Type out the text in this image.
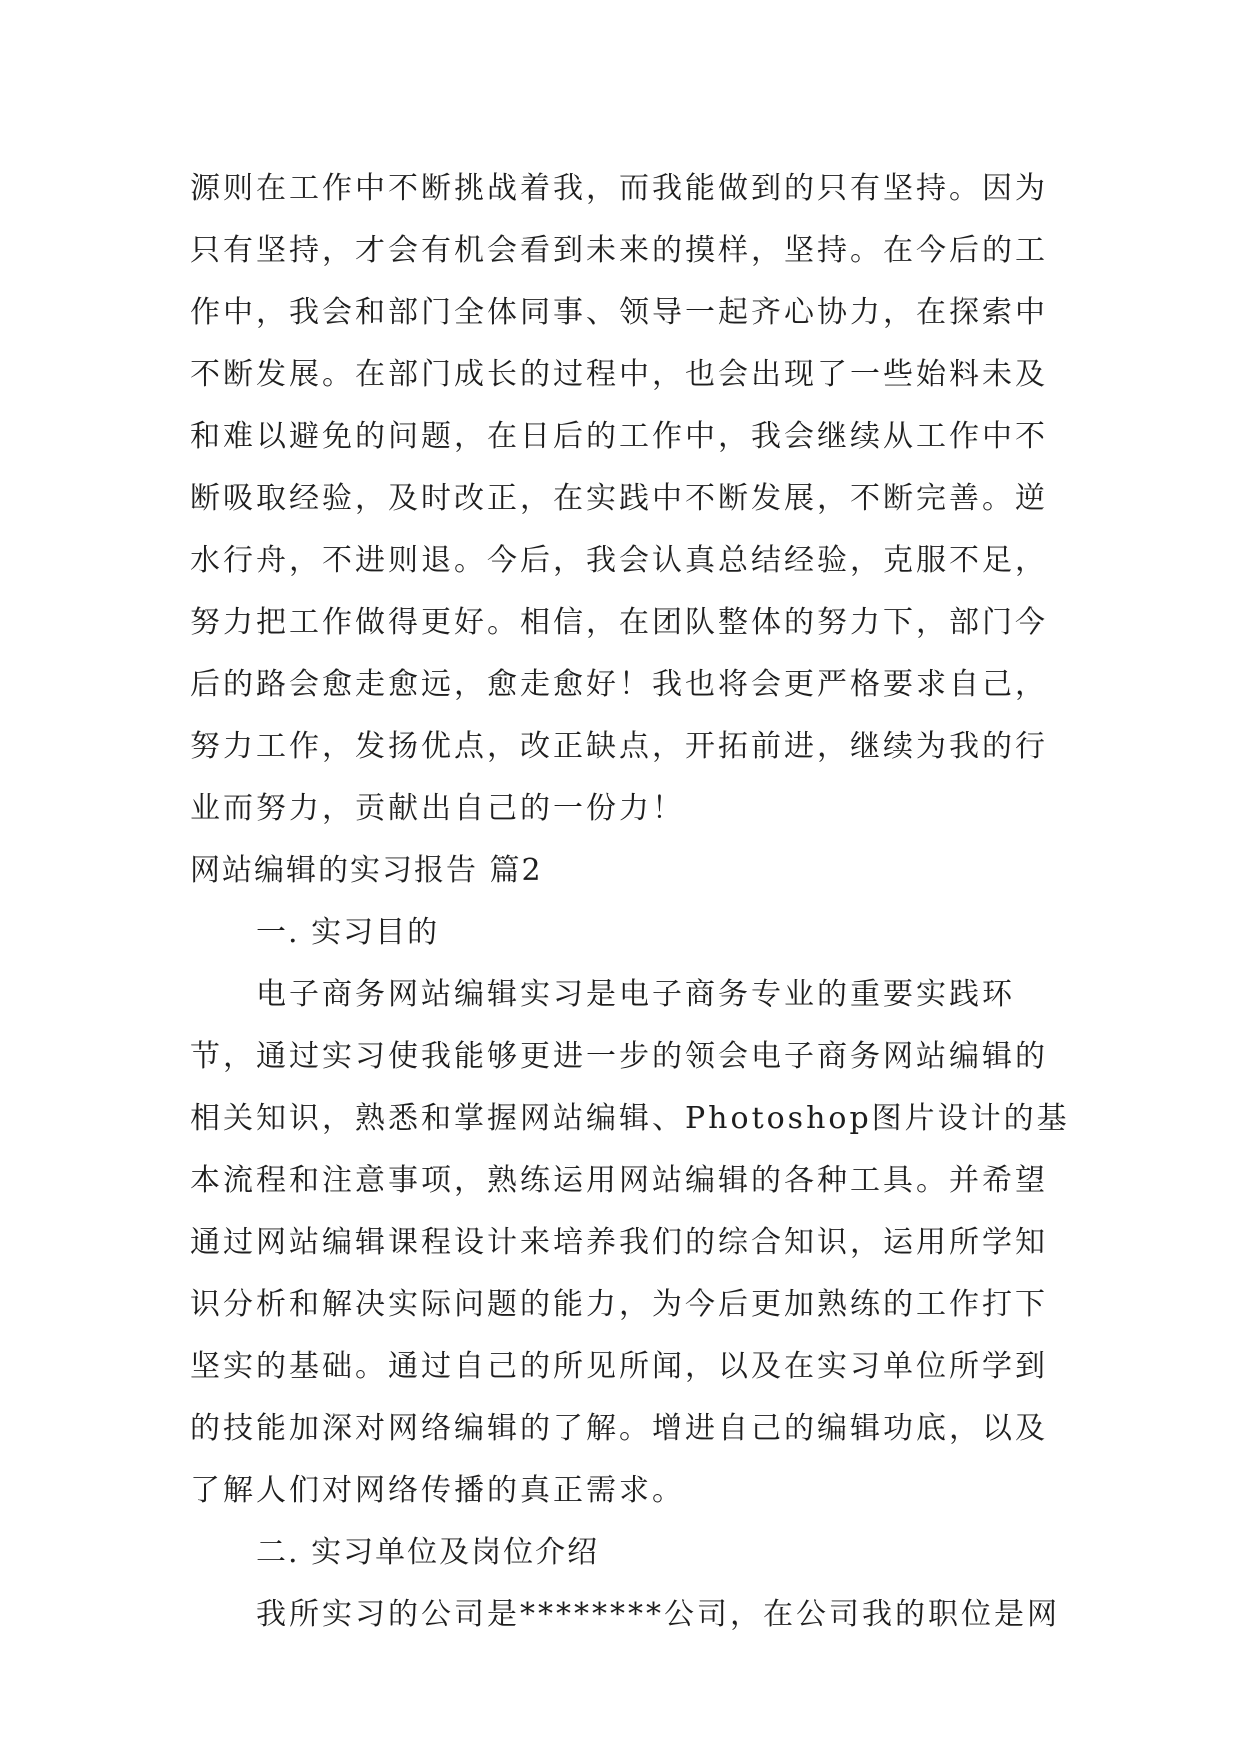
源则在工作中不断挑战着我，而我能做到的只有坚持。因为
只有坚持，才会有机会看到未来的摸样，坚持。在今后的工
作中，我会和部门全体同事、领导一起齐心协力，在探索中
不断发展。在部门成长的过程中，也会出现了一些始料未及
和难以避免的问题，在日后的工作中，我会继续从工作中不
断吸取经验，及时改正，在实践中不断发展，不断完善。逆
水行舟，不进则退。今后，我会认真总结经验，克服不足，
努力把工作做得更好。相信，在团队整体的努力下，部门今
后的路会愈走愈远，愈走愈好！我也将会更严格要求自己，
努力工作，发扬优点，改正缺点，开拓前进，继续为我的行
业而努力，贡献出自己的一份力！
网站编辑的实习报告 篇2
一. 实习目的
电子商务网站编辑实习是电子商务专业的重要实践环
节，通过实习使我能够更进一步的领会电子商务网站编辑的
相关知识，熟悉和掌握网站编辑、Photoshop图片设计的基
本流程和注意事项，熟练运用网站编辑的各种工具。并希望
通过网站编辑课程设计来培养我们的综合知识，运用所学知
识分析和解决实际问题的能力，为今后更加熟练的工作打下
坚实的基础。通过自己的所见所闻，以及在实习单位所学到
的技能加深对网络编辑的了解。增进自己的编辑功底，以及
了解人们对网络传播的真正需求。
二. 实习单位及岗位介绍
我所实习的公司是********公司，在公司我的职位是网
